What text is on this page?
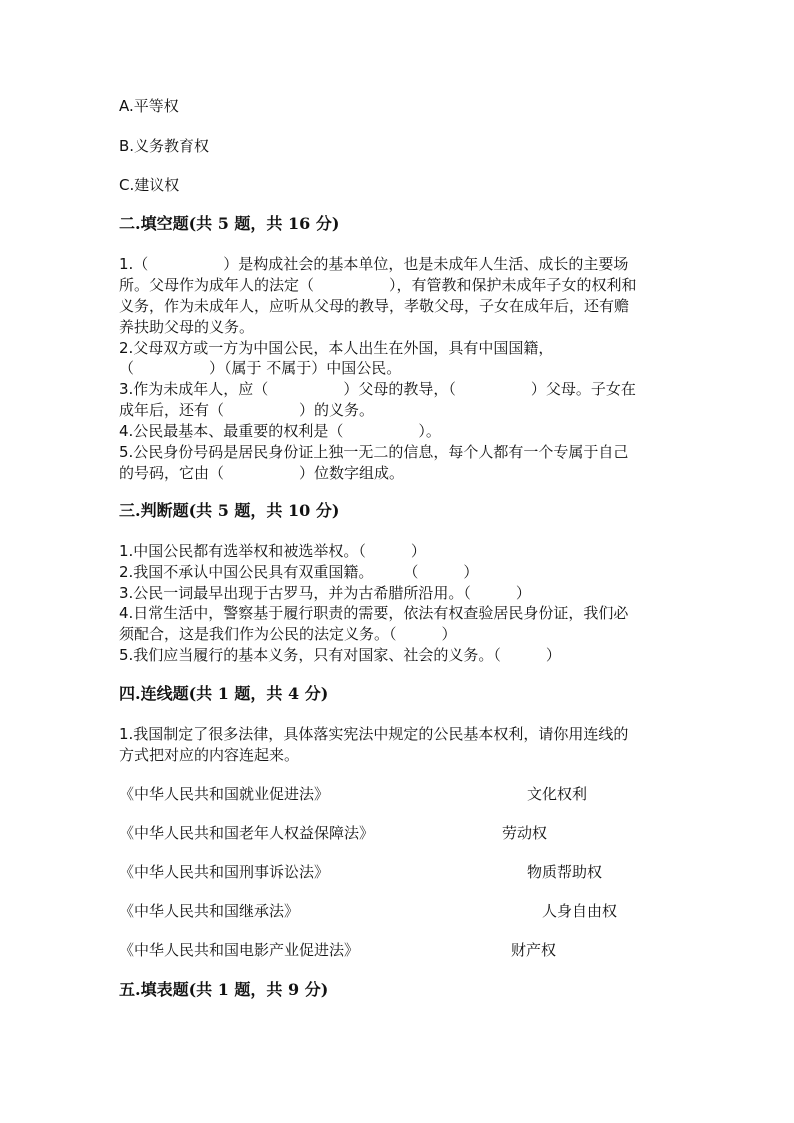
A.平等权
B.义务教育权
C.建议权
二.填空题(共 5 题，共 16 分)
1.（　　　　　）是构成社会的基本单位，也是未成年人生活、成长的主要场
所。父母作为成年人的法定（　　　　　），有管教和保护未成年子女的权利和
义务，作为未成年人，应听从父母的教导，孝敬父母，子女在成年后，还有赡
养扶助父母的义务。
2.父母双方或一方为中国公民，本人出生在外国，具有中国国籍，
（　　　　　）（属于 不属于）中国公民。
3.作为未成年人，应（　　　　　）父母的教导，（　　　　　）父母。子女在
成年后，还有（　　　　　）的义务。
4.公民最基本、最重要的权利是（　　　　　）。
5.公民身份号码是居民身份证上独一无二的信息，每个人都有一个专属于自己
的号码，它由（　　　　　）位数字组成。
三.判断题(共 5 题，共 10 分)
1.中国公民都有选举权和被选举权。（　　　）
2.我国不承认中国公民具有双重国籍。　　　（　　　）
3.公民一词最早出现于古罗马，并为古希腊所沿用。（　　　）
4.日常生活中，警察基于履行职责的需要，依法有权查验居民身份证，我们必
须配合，这是我们作为公民的法定义务。（　　　）
5.我们应当履行的基本义务，只有对国家、社会的义务。（　　　）
四.连线题(共 1 题，共 4 分)
1.我国制定了很多法律，具体落实宪法中规定的公民基本权利，请你用连线的
方式把对应的内容连起来。
《中华人民共和国就业促进法》
《中华人民共和国老年人权益保障法》
《中华人民共和国刑事诉讼法》
《中华人民共和国继承法》
《中华人民共和国电影产业促进法》
文化权利
劳动权
物质帮助权
人身自由权
财产权
五.填表题(共 1 题，共 9 分)
